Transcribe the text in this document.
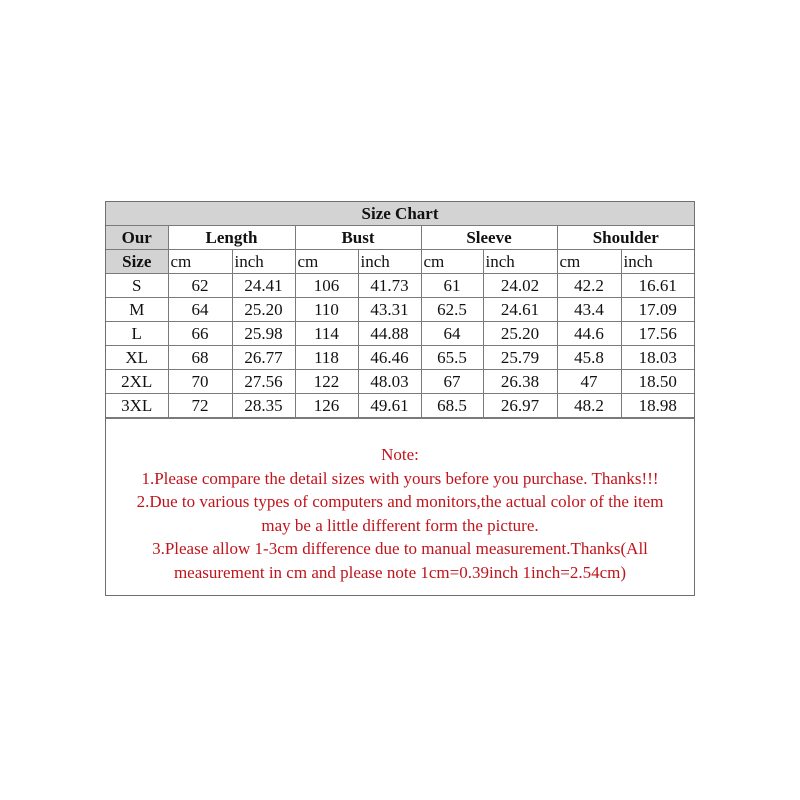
Size Chart								
Our	Length		Bust		Sleeve		Shoulder	
Size	cm	inch	cm	inch	cm	inch	cm	inch
S	62	24.41	106	41.73	61	24.02	42.2	16.61
M	64	25.20	110	43.31	62.5	24.61	43.4	17.09
L	66	25.98	114	44.88	64	25.20	44.6	17.56
XL	68	26.77	118	46.46	65.5	25.79	45.8	18.03
2XL	70	27.56	122	48.03	67	26.38	47	18.50
3XL	72	28.35	126	49.61	68.5	26.97	48.2	18.98
Note:
1.Please compare the detail sizes with yours before you purchase. Thanks!!!
2.Due to various types of computers and monitors,the actual color of the item
may be a little different form the picture.
3.Please allow 1-3cm difference due to manual measurement.Thanks(All
measurement in cm and please note 1cm=0.39inch 1inch=2.54cm)
